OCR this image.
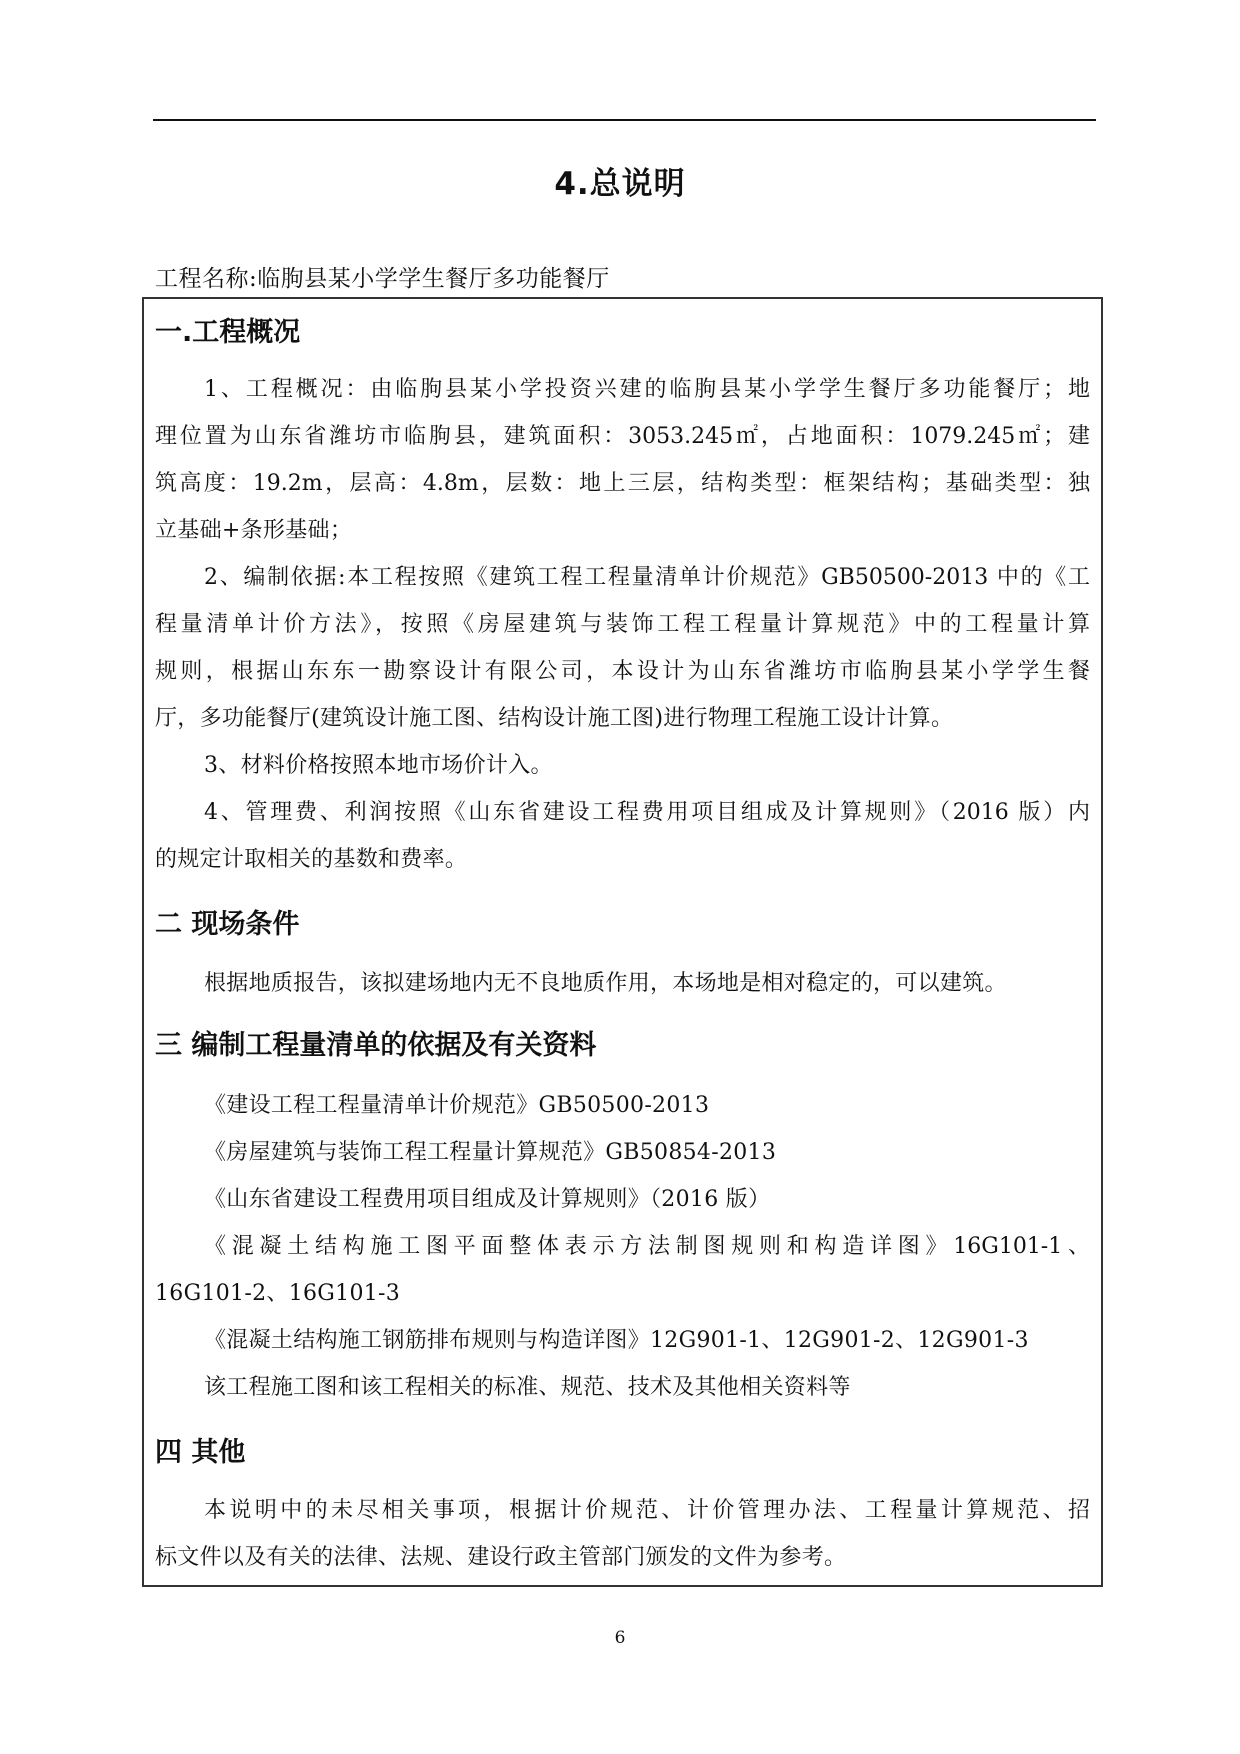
4.总说明
工程名称:临朐县某小学学生餐厅多功能餐厅
一.工程概况
1、工程概况：由临朐县某小学投资兴建的临朐县某小学学生餐厅多功能餐厅；地
理位置为山东省潍坊市临朐县，建筑面积：3053.245㎡，占地面积：1079.245㎡；建
筑高度：19.2m，层高：4.8m，层数：地上三层，结构类型：框架结构；基础类型：独
立基础+条形基础；
2、编制依据:本工程按照《建筑工程工程量清单计价规范》GB50500-2013 中的《工
程量清单计价方法》，按照《房屋建筑与装饰工程工程量计算规范》中的工程量计算
规则，根据山东东一勘察设计有限公司，本设计为山东省潍坊市临朐县某小学学生餐
厅，多功能餐厅(建筑设计施工图、结构设计施工图)进行物理工程施工设计计算。
3、材料价格按照本地市场价计入。
4、管理费、利润按照《山东省建设工程费用项目组成及计算规则》（2016 版）内
的规定计取相关的基数和费率。
二 现场条件
根据地质报告，该拟建场地内无不良地质作用，本场地是相对稳定的，可以建筑。
三 编制工程量清单的依据及有关资料
《建设工程工程量清单计价规范》GB50500-2013
《房屋建筑与装饰工程工程量计算规范》GB50854-2013
《山东省建设工程费用项目组成及计算规则》（2016 版）
《混凝土结构施工图平面整体表示方法制图规则和构造详图》16G101-1、
16G101-2、16G101-3
《混凝土结构施工钢筋排布规则与构造详图》12G901-1、12G901-2、12G901-3
该工程施工图和该工程相关的标准、规范、技术及其他相关资料等
四 其他
本说明中的未尽相关事项，根据计价规范、计价管理办法、工程量计算规范、招
标文件以及有关的法律、法规、建设行政主管部门颁发的文件为参考。
6
